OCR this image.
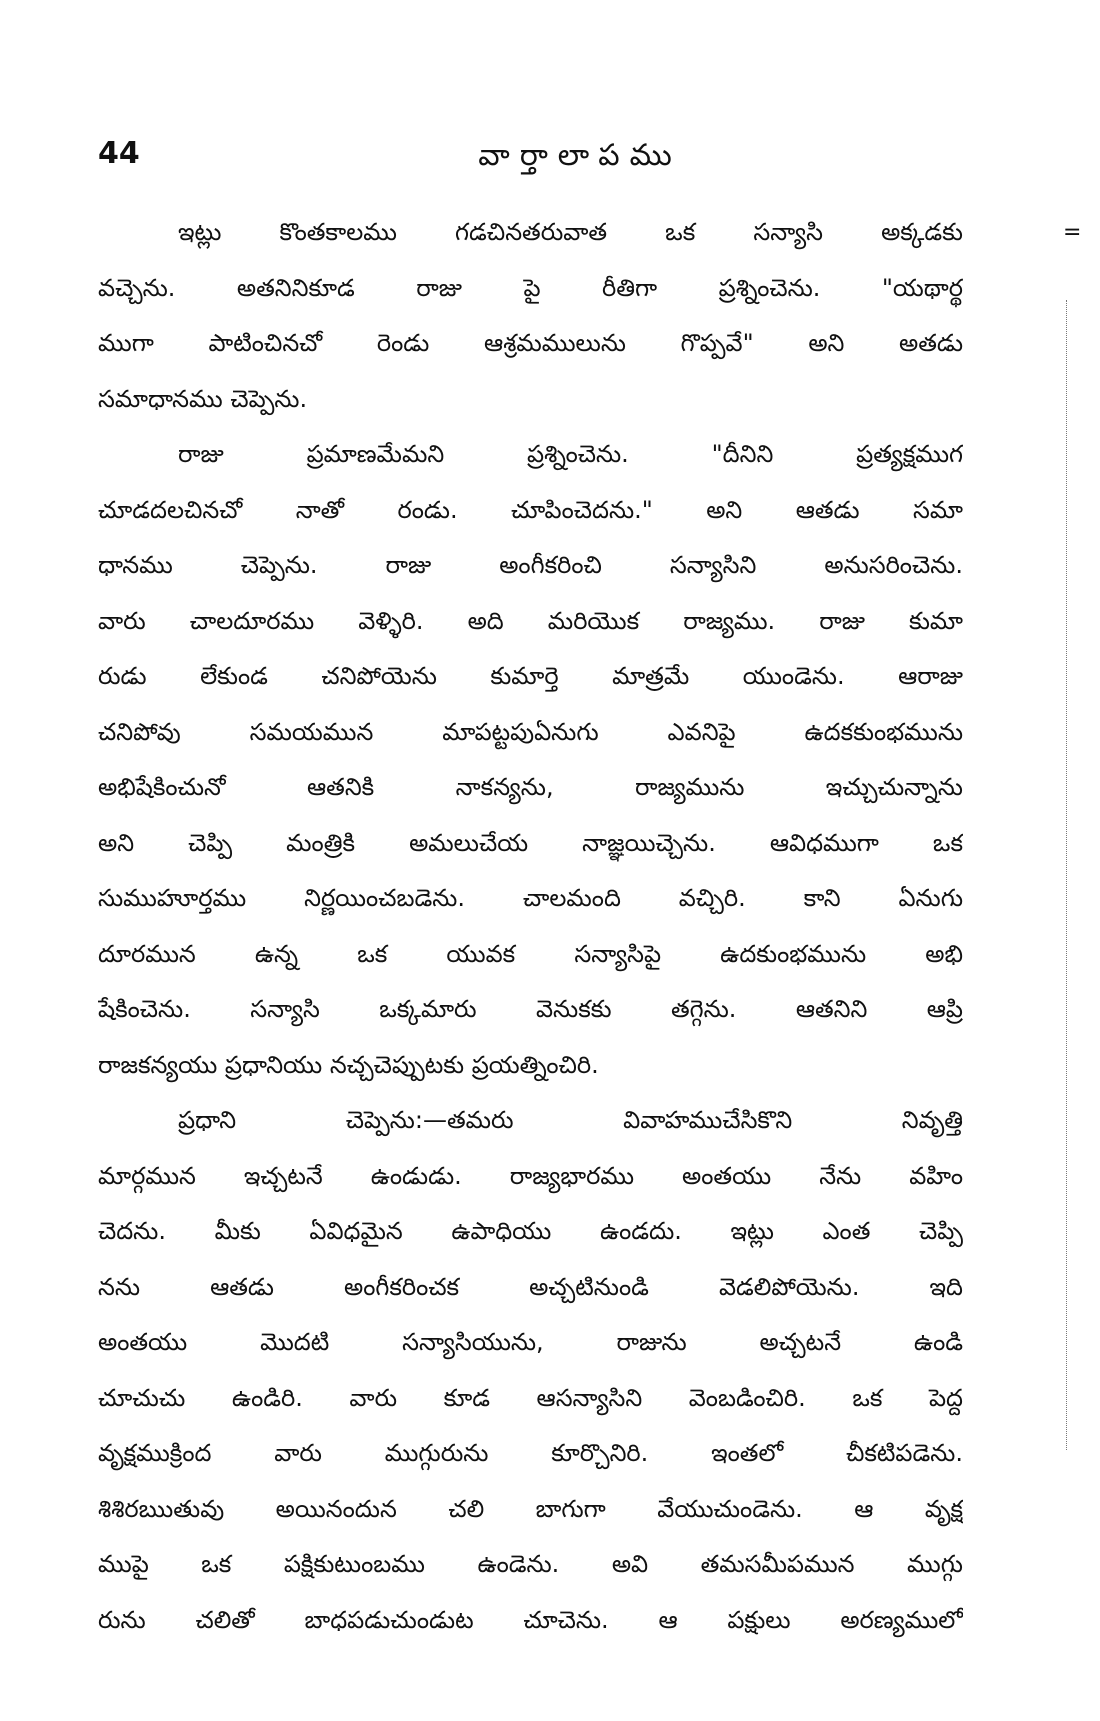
44	వార్తాలాపము
=
ఇట్లు కొంతకాలము గడచినతరువాత ఒక సన్యాసి అక్కడకు
వచ్చెను. అతనినికూడ రాజు పై రీతిగా ప్రశ్నించెను. "యథార్థ
ముగా పాటించినచో రెండు ఆశ్రమములును గొప్పవే" అని అతడు
సమాధానము చెప్పెను.
రాజు ప్రమాణమేమని ప్రశ్నించెను. "దీనిని ప్రత్యక్షముగ
చూడదలచినచో నాతో రండు. చూపించెదను." అని ఆతడు సమా
ధానము చెప్పెను. రాజు అంగీకరించి సన్యాసిని అనుసరించెను.
వారు చాలదూరము వెళ్ళిరి. అది మరియొక రాజ్యము. రాజు కుమా
రుడు లేకుండ చనిపోయెను కుమార్తె మాత్రమే యుండెను. ఆరాజు
చనిపోవు సమయమున మాపట్టపుఏనుగు ఎవనిపై ఉదకకుంభమును
అభిషేకించునో ఆతనికి నాకన్యను, రాజ్యమును ఇచ్చుచున్నాను
అని చెప్పి మంత్రికి అమలుచేయ నాజ్ఞయిచ్చెను. ఆవిధముగా ఒక
సుముహూర్తము నిర్ణయించబడెను. చాలమంది వచ్చిరి. కాని ఏనుగు
దూరమున ఉన్న ఒక యువక సన్యాసిపై ఉదకుంభమును అభి
షేకించెను. సన్యాసి ఒక్కమారు వెనుకకు తగ్గెను. ఆతనిని ఆప్రి
రాజకన్యయు ప్రధానియు నచ్చచెప్పుటకు ప్రయత్నించిరి.
ప్రధాని చెప్పెను:—తమరు వివాహముచేసికొని నివృత్తి
మార్గమున ఇచ్చటనే ఉండుడు. రాజ్యభారము అంతయు నేను వహిం
చెదను. మీకు ఏవిధమైన ఉపాధియు ఉండదు. ఇట్లు ఎంత చెప్పి
నను ఆతడు అంగీకరించక అచ్చటినుండి వెడలిపోయెను. ఇది
అంతయు మొదటి సన్యాసియును, రాజును అచ్చటనే ఉండి
చూచుచు ఉండిరి. వారు కూడ ఆసన్యాసిని వెంబడించిరి. ఒక పెద్ద
వృక్షముక్రింద వారు ముగ్గురును కూర్చొనిరి. ఇంతలో చీకటిపడెను.
శిశిరఋతువు అయినందున చలి బాగుగా వేయుచుండెను. ఆ వృక్ష
ముపై ఒక పక్షికుటుంబము ఉండెను. అవి తమసమీపమున ముగ్గు
రును చలితో బాధపడుచుండుట చూచెను. ఆ పక్షులు అరణ్యములో
